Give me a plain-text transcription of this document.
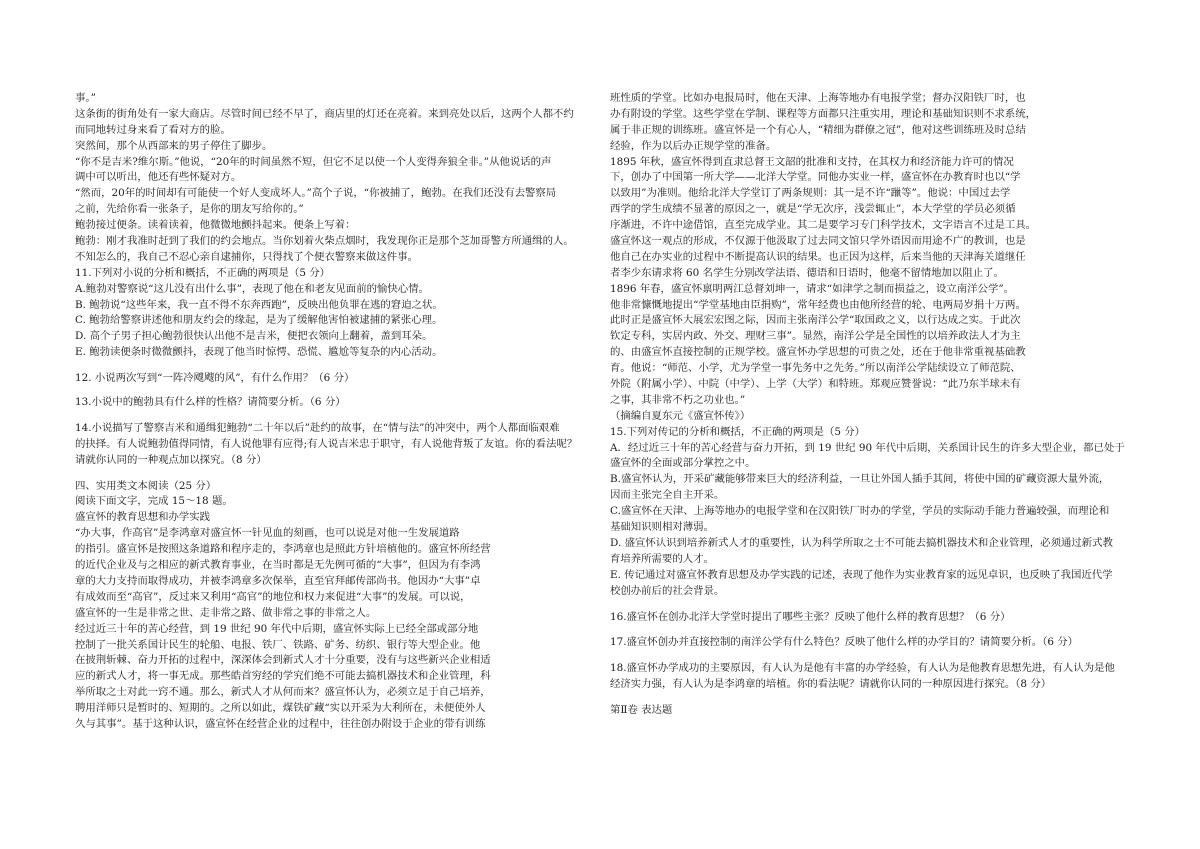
事。”
这条街的街角处有一家大商店。尽管时间已经不早了，商店里的灯还在亮着。来到亮处以后，这两个人都不约
而同地转过身来看了看对方的脸。
突然间，那个从西部来的男子停住了脚步。
“你不是吉米?维尔斯。”他说，“20年的时间虽然不短，但它不足以使一个人变得奔狼全非。”从他说话的声
调中可以听出，他还有些怀疑对方。
“然而，20年的时间却有可能使一个好人变成坏人。”高个子说，“你被捕了，鲍勃。在我们还没有去警察局
之前，先给你看一张条子，是你的朋友写给你的。”
鲍勃接过便条。读着读着，他微微地颤抖起来。便条上写着：
鲍勃：刚才我准时赶到了我们的约会地点。当你划着火柴点烟时，我发现你正是那个芝加哥警方所通缉的人。
不知怎么的，我自己不忍心亲自逮捕你，只得找了个便衣警察来做这件事。
11.下列对小说的分析和概括，不正确的两项是（5 分）
A.鲍勃对警察说“这儿没有出什么事”，表现了他在和老友见面前的愉快心情。
B. 鲍勃说“这些年来，我一直不得不东奔西跑”，反映出他负罪在逃的窘迫之状。
C. 鲍勃给警察讲述他和朋友约会的缘起，是为了缓解他害怕被逮捕的紧张心理。
D. 高个子男子担心鲍勃很快认出他不是吉米，便把衣领向上翻着，盖到耳朵。
E. 鲍勃读便条时微微颤抖，表现了他当时惊愕、恐慌、尴尬等复杂的内心活动。
12. 小说两次写到“一阵冷飕飕的风”，有什么作用？（6 分）
13.小说中的鲍勃具有什么样的性格？请简要分析。（6 分）
14.小说描写了警察吉米和通缉犯鲍勃“二十年以后”赴约的故事，在“情与法”的冲突中，两个人都面临艰难
的抉择。有人说鲍勃值得同情，有人说他罪有应得;有人说吉米忠于职守，有人说他背叛了友谊。你的看法呢？
请就你认同的一种观点加以探究。（8 分）
四、实用类文本阅读（25 分）
阅读下面文字，完成 15～18 题。
盛宣怀的教育思想和办学实践
“办大事，作高官”是李鸿章对盛宣怀一针见血的刻画，也可以说是对他一生发展道路
的指引。盛宣怀是按照这条道路和程序走的，李鸿章也是照此方针培植他的。盛宣怀所经营
的近代企业及与之相应的新式教育事业，在当时都是无先例可循的“大事”，但因为有李鸿
章的大力支持而取得成功，并被李鸿章多次保举，直至官拜邮传部尚书。他因办“大事”卓
有成效而至“高官”，反过来又利用“高官”的地位和权力来促进“大事”的发展。可以说，
盛宣怀的一生是非常之世、走非常之路、做非常之事的非常之人。
经过近三十年的苦心经营，到 19 世纪 90 年代中后期，盛宣怀实际上已经全部或部分地
控制了一批关系国计民生的轮船、电报、铁厂、铁路、矿务、纺织、银行等大型企业。他
在披荆斩棘、奋力开拓的过程中，深深体会到新式人才十分重要，没有与这些新兴企业相适
应的新式人才，将一事无成。那些皓首穷经的学究们绝不可能去搞机器技术和企业管理，科
举所取之士对此一窍不通。那么，新式人才从何而来？盛宣怀认为，必须立足于自己培养，
聘用洋师只是暂时的、短期的。之所以如此，煤铁矿藏“实以开采为大利所在，未便使外人
久与其事”。基于这种认识，盛宣怀在经营企业的过程中，往往创办附设于企业的带有训练
班性质的学堂。比如办电报局时，他在天津、上海等地办有电报学堂；督办汉阳铁厂时，也
办有附设的学堂。这些学堂在学制、课程等方面都只注重实用，理论和基础知识则不求系统，
属于非正规的训练班。盛宣怀是一个有心人，“精细为群僚之冠”，他对这些训练班及时总结
经验，作为以后办正规学堂的准备。
1895 年秋，盛宣怀得到直隶总督王文韶的批准和支持，在其权力和经济能力许可的情况
下，创办了中国第一所大学——北洋大学堂。同他办实业一样，盛宣怀在办教育时也以“学
以致用”为准则。他给北洋大学堂订了两条规则：其一是不许“躐等”。他说：中国过去学
西学的学生成绩不显著的原因之一，就是“学无次序，浅尝辄止”，本大学堂的学员必须循
序渐进，不许中途借馆，直至完成学业。其二是要学习专门科学技术，文字语言不过是工具。
盛宣怀这一观点的形成，不仅源于他汲取了过去同文馆只学外语因而用途不广的教训，也是
他自己在办实业的过程中不断提高认识的结果。也正因为这样，后来当他的天津海关道继任
者李少东请求将 60 名学生分别改学法语、德语和日语时，他毫不留情地加以阻止了。
1896 年春，盛宣怀禀明两江总督刘坤一，请求“如津学之制而损益之，设立南洋公学”。
他非常慷慨地提出“学堂基地由臣捐购”，常年经费也由他所经营的轮、电两局岁捐十万两。
此时正是盛宣怀大展宏宏图之际，因而主张南洋公学“取国政之义，以行达成之实。于此次
钦定专科，实居内政、外交、理财三事”。显然，南洋公学是全国性的以培养政法人才为主
的、由盛宣怀直接控制的正规学校。盛宣怀办学思想的可贵之处，还在于他非常重视基础教
育。他说：“师范、小学，尤为学堂一事先务中之先务。”所以南洋公学陆续设立了师范院、
外院（附属小学）、中院（中学）、上学（大学）和特班。郑观应赞誉说：“此乃东半球未有
之事，其非常不朽之功业也。”
（摘编自夏东元《盛宣怀传》）
15.下列对传记的分析和概括，不正确的两项是（5 分）
A．经过近三十年的苦心经营与奋力开拓，到 19 世纪 90 年代中后期，关系国计民生的许多大型企业，都已处于
盛宣怀的全面或部分掌控之中。
B.盛宣怀认为，开采矿藏能够带来巨大的经济利益，一旦让外国人插手其间，将使中国的矿藏资源大量外流，
因而主张完全自主开采。
C.盛宣怀在天津、上海等地办的电报学堂和在汉阳铁厂时办的学堂，学员的实际动手能力普遍较强，而理论和
基础知识则相对薄弱。
D. 盛宣怀认识到培养新式人才的重要性，认为科学所取之士不可能去搞机器技术和企业管理，必须通过新式教
育培养所需要的人才。
E. 传记通过对盛宣怀教育思想及办学实践的记述，表现了他作为实业教育家的远见卓识，也反映了我国近代学
校创办前后的社会背景。
16.盛宣怀在创办北洋大学堂时提出了哪些主张？反映了他什么样的教育思想？（6 分）
17.盛宣怀创办并直接控制的南洋公学有什么特色？反映了他什么样的办学目的？请简要分析。（6 分）
18.盛宣怀办学成功的主要原因，有人认为是他有丰富的办学经验，有人认为是他教育思想先进，有人认为是他
经济实力强，有人认为是李鸿章的培植。你的看法呢？请就你认同的一种原因进行探究。（8 分）
第Ⅱ卷 表达题
